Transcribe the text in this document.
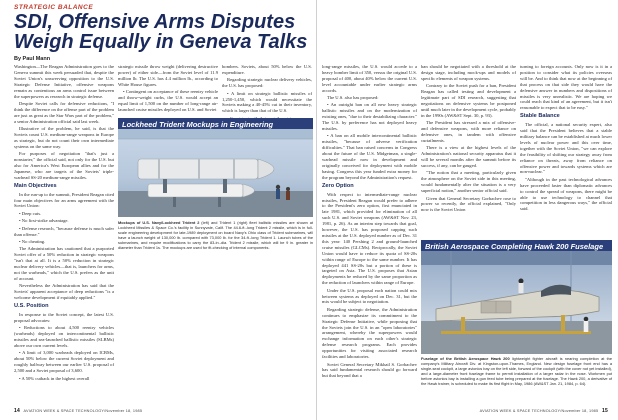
STRATEGIC BALANCE
SDI, Offensive Arms Disputes Weigh Equally in Geneva Talks
By Paul Mann

Washington—The Reagan Administration goes to the Geneva summit this week persuaded that, despite the Soviet Union's unswerving opposition to the U.S. Strategic Defense Initiative, offensive weapons remain as contentious an arms control issue between the superpowers as research in strategic defense.

Despite Soviet calls for defensive reductions, "I think the difference on the offense part of the problem are just as great as the Star Wars part of the problem," a senior Administration official said last week.

Illustrative of the problem, he said, is that the Soviets count U.S. medium-range weapons in Europe as strategic, but do not count their own intermediate systems on the same way.

For purposes of negotiation "that's just a nonstarter," the official said, not only for the U.S. but also for America's West European allies and for the Japanese, who are targets of the Soviets' triple-warhead SS-20 medium-range missiles.

Main Objectives

In the run-up to the summit, President Reagan cited four main objectives for an arms agreement with the Soviet Union:

• Deep cuts.

• No first-strike advantage.

• Defense research, "because defense is much safer than offense."

• No cheating.

The Administration has cautioned that a purported Soviet offer of a 50% reduction in strategic weapons "isn't that at all. It is a 50% reduction in strategic nuclear delivery vehicles—that is, launchers for arms, not the warheads," which the U.S. prefers as the unit of account.

Nevertheless the Administration has said that the Soviets' apparent acceptance of deep reductions "is a welcome development if equitably applied."

U.S. Position

In response to the Soviet concept, the latest U.S. proposal advocates:

• Reductions to about 4,500 reentry vehicles (warheads) deployed on intercontinental ballistic missiles and sea-launched ballistic missiles (SLBMs) above our own current levels.

• A limit of 3,000 warheads deployed on ICBMs, about 50% below the current Soviet deployment and roughly halfway between our earlier U.S. proposal of 2,500 and a Soviet proposal of 3,600.

• A 50% cutback in the highest overall

strategic missile throw weight (delivering destructive power) of either side—from the Soviet level of 11.9 million lb. The U.S. has 4.4 million lb., according to White House figures.

• Contingent on acceptance of these reentry vehicle and throw-weight curbs, the U.S. would accept an equal limit of 1,500 on the number of long-range air-launched cruise missiles deployed on U.S. and Soviet

bombers. Soviets, about 50% below the U.S. expenditure.

Regarding strategic nuclear delivery vehicles, the U.S. has proposed:

• A limit on strategic ballistic missiles of 1,250-1,450, which would necessitate the Soviets making a 40-45% cut in their inventory, which is larger than that of the U.S.

Lockheed Trident Mockups in Engineering
Mockups of U.S. Navy/Lockheed Trident 2 (left) and Trident 1 (right) fleet ballistic missiles are shown at Lockheed Missiles & Space Co.'s facility in Sunnyvale, Calif. The 44.6-ft.-long Trident 2 missile, which is in full-scale engineering development for late-1989 deployment on board Navy's Ohio class of Trident submarines, will have a launch weight of 130,000 lb. compared with 73,000 lb. for the 34-ft.-long Trident 1. Launch tubes of the submarines, and require modifications to carry the 83-in.-dia. Trident 2 missile, which will be 9 in. greater in diameter than Trident 1s. The mockups are used for fit-checking of internal components.

long-range missiles, the U.S. would accede to a heavy bomber limit of 350, versus the original U.S. proposal of 400, about 40% below the current U.S. level accountable under earlier strategic arms accords.

The U.S. also has proposed:

• An outright ban on all new heavy strategic ballistic missiles and on the modernization of existing ones, "due to their destabilizing character." The U.S. by preference has not deployed heavy missiles.

• A ban on all mobile intercontinental ballistic missiles, "because of adverse verification difficulties." That ban raised concerns in Congress about the future of the U.S. Midgetman, a single-warhead missile now in development and originally conceived for deployment with mobile basing. Congress this year funded extra money for the program beyond the Administration's request.

Zero Option

With respect to intermediate-range nuclear missiles, President Reagan would prefer to adhere to the President's zero option, first enunciated in late 1981, which provided for elimination of all such U.S. and Soviet weapons (AW&ST Nov. 23, 1981, p. 26). As an interim step towards that goal, however, the U.S. has proposed capping such missiles at the U.S. deployed number as of Dec. 31 this year: 140 Pershing 2 and ground-launched cruise missiles (GLCMs). Reciprocally, the Soviet Union would have to reduce its quota of SS-20s within range of Europe to the same number. It has deployed 441 SS-20s but a portion of these is targeted on Asia. The U.S. proposes that Asian deployments be reduced by the same proportion as the reduction of launchers within range of Europe.

Under the U.S. proposal each nation could mix between systems as deployed on Dec. 31, but the mix would be subject to negotiation.

Regarding strategic defense, the Administration continues to emphasize its commitment to the Strategic Defense Initiative, while proposing that the Soviets join the U.S. in an "open laboratories" arrangement, whereby the superpowers would exchange information on each other's strategic defense research programs. Each provides opportunities for visiting associated research facilities and laboratories.

Soviet General Secretary Mikhail S. Gorbachev has said fundamental research should go forward but that beyond that a

ban should be negotiated with a threshold at the design stage, including mock-ups and models of specific elements of weapon systems.

Contrary to the Soviet push for a ban, President Reagan has called testing and development a legitimate part of SDI research, suggesting that negotiations on defensive systems be postponed until much later in the development cycle, probably in the 1990s (AW&ST Sept. 30, p. 93).

The President has stressed a mix of offensive- and defensive weapons, with more reliance on defensive ones, in tandem with offensive curtailments.

There is a view at the highest levels of the Administration's national security apparatus that it will be several months after the summit before its success, if any, can be gauged.

"The notion that a meeting, particularly given the atmosphere on the Soviet side in this meeting, would fundamentally alter the situation is a very superficial notion," another senior official said.

Given that General Secretary Gorbachev rose to power so recently, the official explained, "Only now is the Soviet Union

turning to foreign accounts. Only now is it in a position to consider what its policies overseas will be. And to think that now at the beginning of that process on that side they would have the defensive answer in numbers and dispositions of missiles is very unrealistic. We are hoping we could reach that kind of an agreement, but it isn't reasonable to expect that to be easy."

Stable Balance

The official, a national security expert, also said that the President believes that a stable military balance can be established at much lower levels of nuclear power and this over time, together with the Soviet Union, "we can explore the feasibility of shifting our strategy away from reliance on threats, away from reliance on offensive power and towards systems which are non-nuclear."

"Although in the past technological advances have proceeded faster than diplomatic advances to control the spread of weapons, there might be able to use technology to channel that competition in less dangerous ways," the official said.

British Aerospace Completing Hawk 200 Fuselage
Fuselage of the British Aerospace Hawk 200 lightweight fighter aircraft is nearing completion at the company's Military Aircraft Div. at Kingston-upon-Thames, England. New design fuselage front end has a single-seat cockpit, a large avionics bay on the left side, forward of the cockpit (with the cover not yet installed), and a large-diameter front fuselage frame to permit installation of a larger radar in the nose. Workmen put before avionics bay is installing a gun feed tube being prepared at the fuselage. The Hawk 200, a derivative of the Hawk trainer, is scheduled to make its first flight in May, 1986 (AW&ST Jan. 21, 1984, p. 64).
14 AVIATION WEEK & SPACE TECHNOLOGY/November 18, 1985	AVIATION WEEK & SPACE TECHNOLOGY/November 18, 1985 15
